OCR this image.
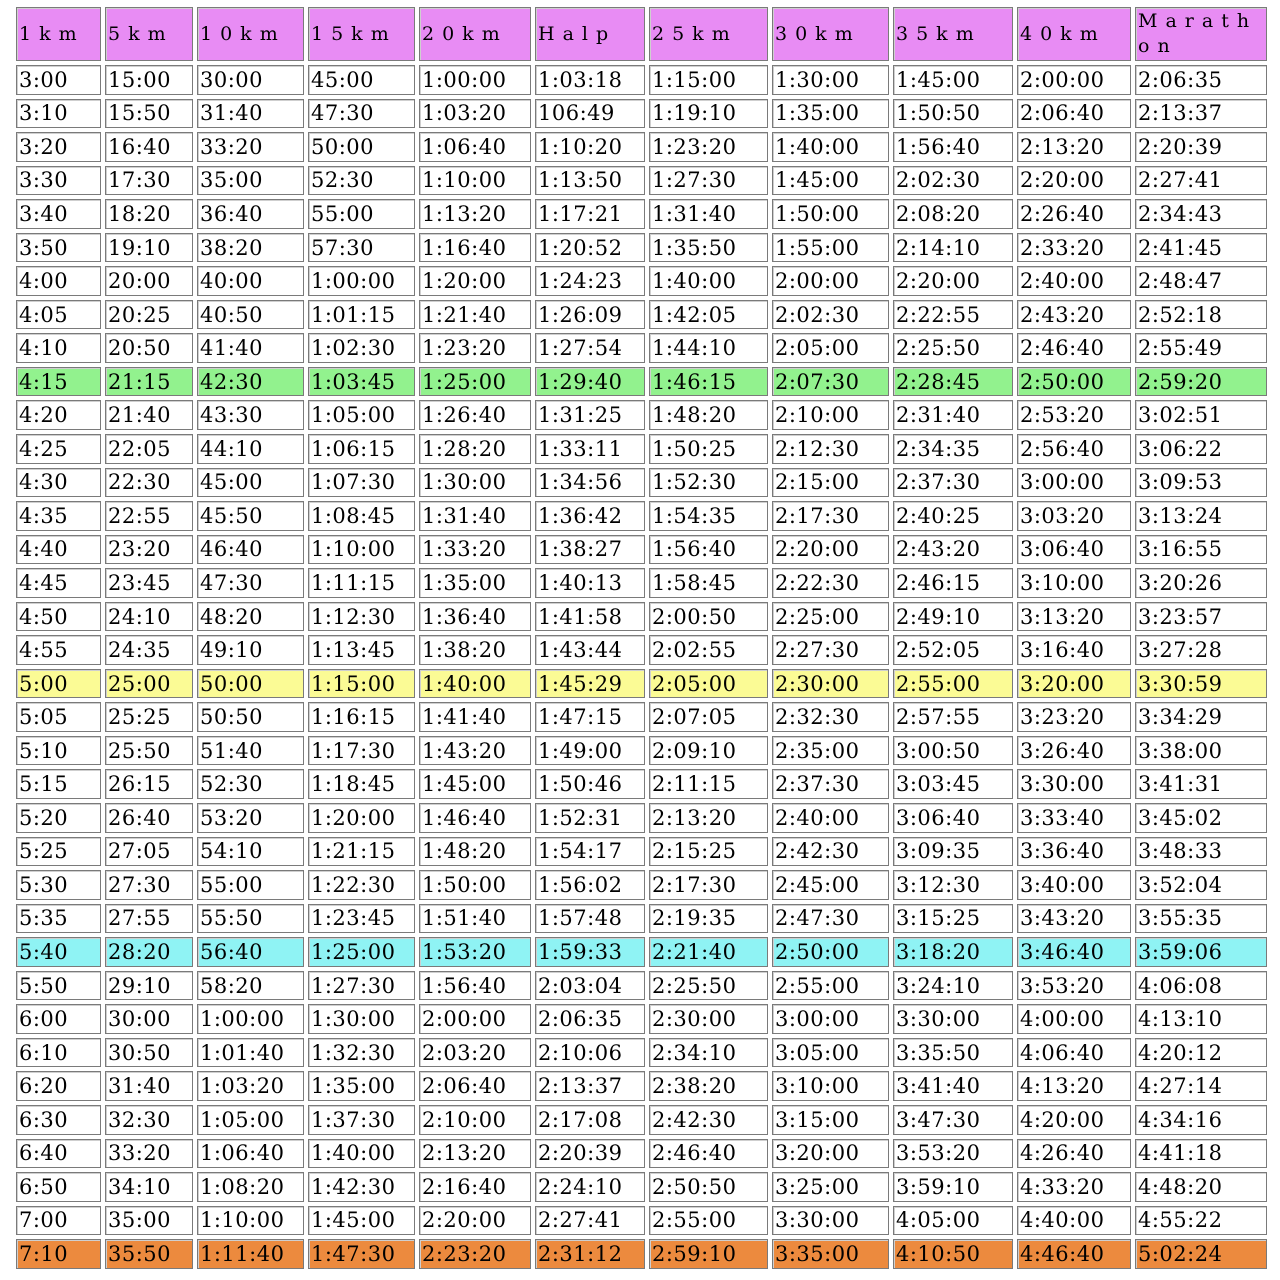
1km	5km	10km	15km	20km	Halp	25km	30km	35km	40km	Marathon
3:00	15:00	30:00	45:00	1:00:00	1:03:18	1:15:00	1:30:00	1:45:00	2:00:00	2:06:35
3:10	15:50	31:40	47:30	1:03:20	106:49	1:19:10	1:35:00	1:50:50	2:06:40	2:13:37
3:20	16:40	33:20	50:00	1:06:40	1:10:20	1:23:20	1:40:00	1:56:40	2:13:20	2:20:39
3:30	17:30	35:00	52:30	1:10:00	1:13:50	1:27:30	1:45:00	2:02:30	2:20:00	2:27:41
3:40	18:20	36:40	55:00	1:13:20	1:17:21	1:31:40	1:50:00	2:08:20	2:26:40	2:34:43
3:50	19:10	38:20	57:30	1:16:40	1:20:52	1:35:50	1:55:00	2:14:10	2:33:20	2:41:45
4:00	20:00	40:00	1:00:00	1:20:00	1:24:23	1:40:00	2:00:00	2:20:00	2:40:00	2:48:47
4:05	20:25	40:50	1:01:15	1:21:40	1:26:09	1:42:05	2:02:30	2:22:55	2:43:20	2:52:18
4:10	20:50	41:40	1:02:30	1:23:20	1:27:54	1:44:10	2:05:00	2:25:50	2:46:40	2:55:49
4:15	21:15	42:30	1:03:45	1:25:00	1:29:40	1:46:15	2:07:30	2:28:45	2:50:00	2:59:20
4:20	21:40	43:30	1:05:00	1:26:40	1:31:25	1:48:20	2:10:00	2:31:40	2:53:20	3:02:51
4:25	22:05	44:10	1:06:15	1:28:20	1:33:11	1:50:25	2:12:30	2:34:35	2:56:40	3:06:22
4:30	22:30	45:00	1:07:30	1:30:00	1:34:56	1:52:30	2:15:00	2:37:30	3:00:00	3:09:53
4:35	22:55	45:50	1:08:45	1:31:40	1:36:42	1:54:35	2:17:30	2:40:25	3:03:20	3:13:24
4:40	23:20	46:40	1:10:00	1:33:20	1:38:27	1:56:40	2:20:00	2:43:20	3:06:40	3:16:55
4:45	23:45	47:30	1:11:15	1:35:00	1:40:13	1:58:45	2:22:30	2:46:15	3:10:00	3:20:26
4:50	24:10	48:20	1:12:30	1:36:40	1:41:58	2:00:50	2:25:00	2:49:10	3:13:20	3:23:57
4:55	24:35	49:10	1:13:45	1:38:20	1:43:44	2:02:55	2:27:30	2:52:05	3:16:40	3:27:28
5:00	25:00	50:00	1:15:00	1:40:00	1:45:29	2:05:00	2:30:00	2:55:00	3:20:00	3:30:59
5:05	25:25	50:50	1:16:15	1:41:40	1:47:15	2:07:05	2:32:30	2:57:55	3:23:20	3:34:29
5:10	25:50	51:40	1:17:30	1:43:20	1:49:00	2:09:10	2:35:00	3:00:50	3:26:40	3:38:00
5:15	26:15	52:30	1:18:45	1:45:00	1:50:46	2:11:15	2:37:30	3:03:45	3:30:00	3:41:31
5:20	26:40	53:20	1:20:00	1:46:40	1:52:31	2:13:20	2:40:00	3:06:40	3:33:40	3:45:02
5:25	27:05	54:10	1:21:15	1:48:20	1:54:17	2:15:25	2:42:30	3:09:35	3:36:40	3:48:33
5:30	27:30	55:00	1:22:30	1:50:00	1:56:02	2:17:30	2:45:00	3:12:30	3:40:00	3:52:04
5:35	27:55	55:50	1:23:45	1:51:40	1:57:48	2:19:35	2:47:30	3:15:25	3:43:20	3:55:35
5:40	28:20	56:40	1:25:00	1:53:20	1:59:33	2:21:40	2:50:00	3:18:20	3:46:40	3:59:06
5:50	29:10	58:20	1:27:30	1:56:40	2:03:04	2:25:50	2:55:00	3:24:10	3:53:20	4:06:08
6:00	30:00	1:00:00	1:30:00	2:00:00	2:06:35	2:30:00	3:00:00	3:30:00	4:00:00	4:13:10
6:10	30:50	1:01:40	1:32:30	2:03:20	2:10:06	2:34:10	3:05:00	3:35:50	4:06:40	4:20:12
6:20	31:40	1:03:20	1:35:00	2:06:40	2:13:37	2:38:20	3:10:00	3:41:40	4:13:20	4:27:14
6:30	32:30	1:05:00	1:37:30	2:10:00	2:17:08	2:42:30	3:15:00	3:47:30	4:20:00	4:34:16
6:40	33:20	1:06:40	1:40:00	2:13:20	2:20:39	2:46:40	3:20:00	3:53:20	4:26:40	4:41:18
6:50	34:10	1:08:20	1:42:30	2:16:40	2:24:10	2:50:50	3:25:00	3:59:10	4:33:20	4:48:20
7:00	35:00	1:10:00	1:45:00	2:20:00	2:27:41	2:55:00	3:30:00	4:05:00	4:40:00	4:55:22
7:10	35:50	1:11:40	1:47:30	2:23:20	2:31:12	2:59:10	3:35:00	4:10:50	4:46:40	5:02:24
